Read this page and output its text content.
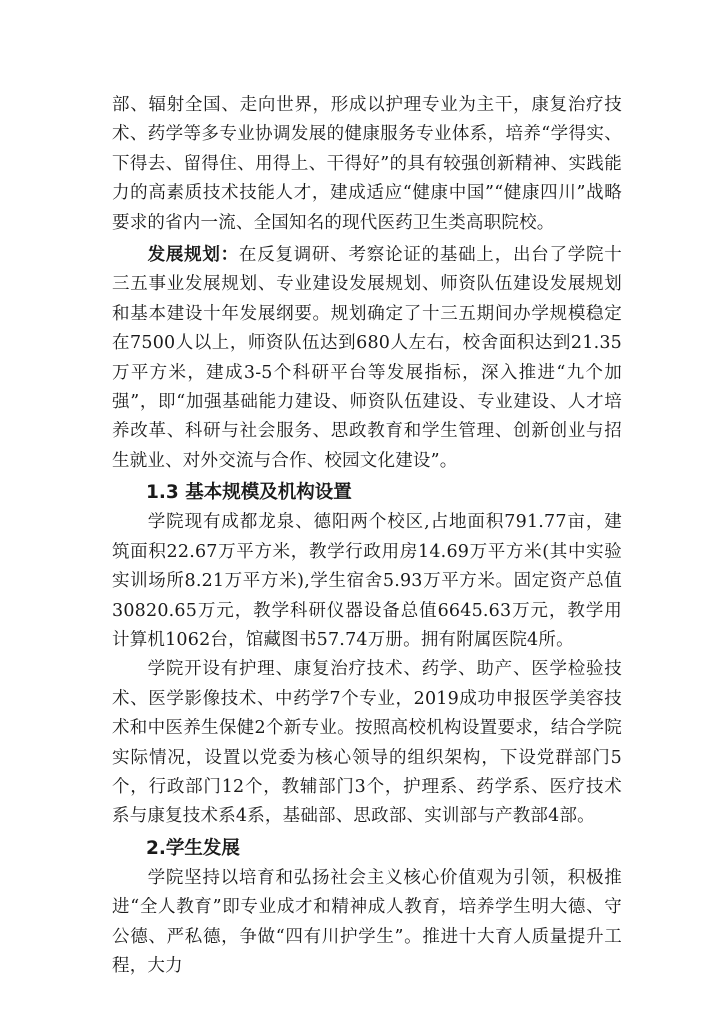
部、辐射全国、走向世界，形成以护理专业为主干，康复治疗技术、药学等多专业协调发展的健康服务专业体系，培养“学得实、下得去、留得住、用得上、干得好”的具有较强创新精神、实践能力的高素质技术技能人才，建成适应“健康中国”“健康四川”战略要求的省内一流、全国知名的现代医药卫生类高职院校。

发展规划：在反复调研、考察论证的基础上，出台了学院十三五事业发展规划、专业建设发展规划、师资队伍建设发展规划和基本建设十年发展纲要。规划确定了十三五期间办学规模稳定在7500人以上，师资队伍达到680人左右，校舍面积达到21.35万平方米，建成3-5个科研平台等发展指标，深入推进“九个加强”，即“加强基础能力建设、师资队伍建设、专业建设、人才培养改革、科研与社会服务、思政教育和学生管理、创新创业与招生就业、对外交流与合作、校园文化建设”。

1.3 基本规模及机构设置

学院现有成都龙泉、德阳两个校区,占地面积791.77亩，建筑面积22.67万平方米，教学行政用房14.69万平方米(其中实验实训场所8.21万平方米),学生宿舍5.93万平方米。固定资产总值30820.65万元，教学科研仪器设备总值6645.63万元，教学用计算机1062台，馆藏图书57.74万册。拥有附属医院4所。

学院开设有护理、康复治疗技术、药学、助产、医学检验技术、医学影像技术、中药学7个专业，2019成功申报医学美容技术和中医养生保健2个新专业。按照高校机构设置要求，结合学院实际情况，设置以党委为核心领导的组织架构，下设党群部门5个，行政部门12个，教辅部门3个，护理系、药学系、医疗技术系与康复技术系4系，基础部、思政部、实训部与产教部4部。

2.学生发展

学院坚持以培育和弘扬社会主义核心价值观为引领，积极推进“全人教育”即专业成才和精神成人教育，培养学生明大德、守公德、严私德，争做“四有川护学生”。推进十大育人质量提升工程，大力
